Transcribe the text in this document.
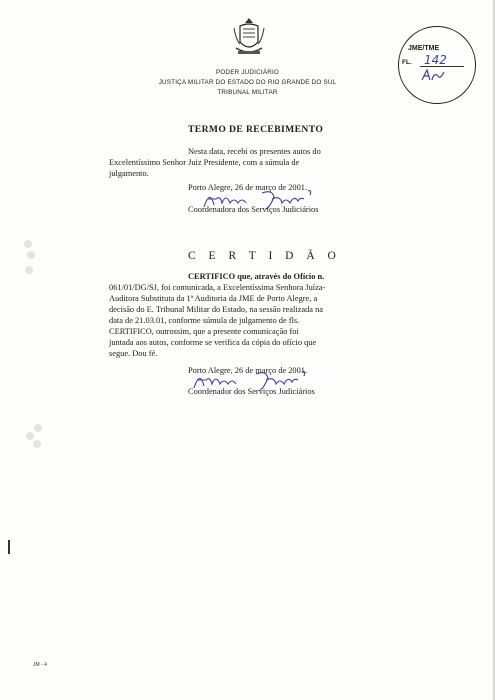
PODER JUDICIÁRIO
JUSTIÇA MILITAR DO ESTADO DO RIO GRANDE DO SUL
TRIBUNAL MILITAR
JME/TME
FL. 142
TERMO DE RECEBIMENTO
Nesta data, recebi os presentes autos do
Excelentíssimo Senhor Juiz Presidente, com a súmula de
julgamento.
Porto Alegre, 26 de março de 2001.
Coordenadora dos Serviços Judiciários
C E R T I D Ã O
CERTIFICO que, através do Ofício n.
061/01/DG/SJ, foi comunicada, a Excelentíssima Senhora Juíza-
Auditora Substituta da 1ª Auditoria da JME de Porto Alegre, a
decisão do E. Tribunal Militar do Estado, na sessão realizada na
data de 21.03.01, conforme súmula de julgamento de fls.
CERTIFICO, outrossim, que a presente comunicação foi
juntada aos autos, conforme se verifica da cópia do ofício que
segue. Dou fé.
Porto Alegre, 26 de março de 2001.
Coordenador dos Serviços Judiciários
JM - 4
